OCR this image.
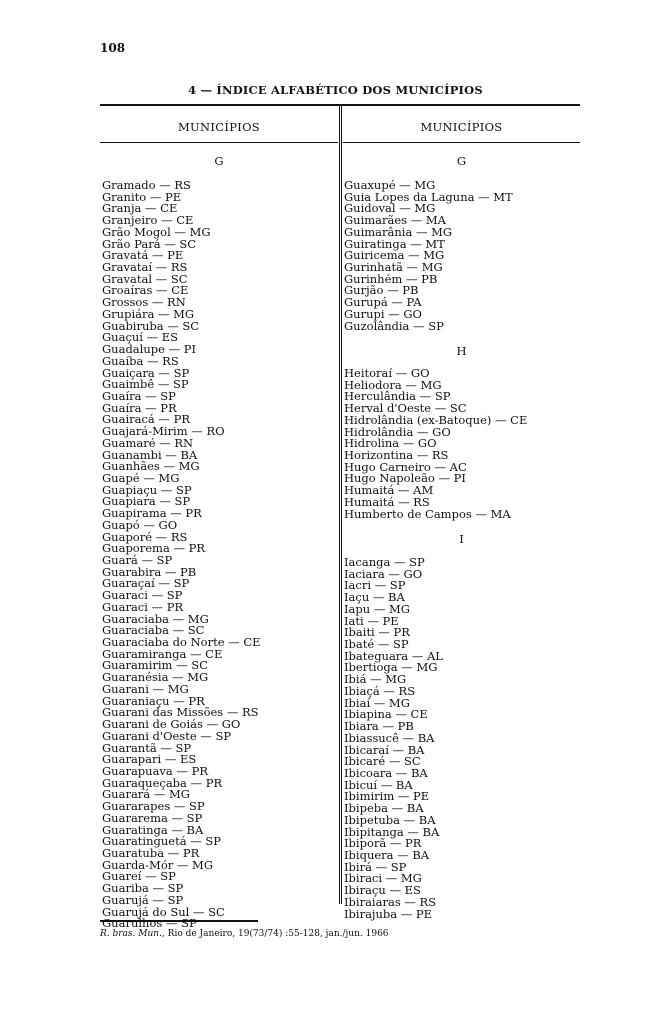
108
4 — ÍNDICE ALFABÉTICO DOS MUNICÍPIOS
MUNICÍPIOS	MUNICÍPIOS
G
Gramado — RS
Granito — PE
Granja — CE
Granjeiro — CE
Grão Mogol — MG
Grão Pará — SC
Gravatá — PE
Gravataí — RS
Gravatal — SC
Groaíras — CE
Grossos — RN
Grupiára — MG
Guabiruba — SC
Guaçuí — ES
Guadalupe — PI
Guaíba — RS
Guaiçara — SP
Guaimbê — SP
Guaíra — SP
Guaíra — PR
Guairacá — PR
Guajará-Mirim — RO
Guamaré — RN
Guanambi — BA
Guanhães — MG
Guapé — MG
Guapiaçu — SP
Guapiara — SP
Guapirama — PR
Guapó — GO
Guaporé — RS
Guaporema — PR
Guará — SP
Guarabira — PB
Guaraçaí — SP
Guaraci — SP
Guaraci — PR
Guaraciaba — MG
Guaraciaba — SC
Guaraciaba do Norte — CE
Guaramiranga — CE
Guaramirim — SC
Guaranésia — MG
Guarani — MG
Guaraniaçu — PR
Guarani das Missões — RS
Guarani de Goiás — GO
Guarani d'Oeste — SP
Guarantã — SP
Guarapari — ES
Guarapuava — PR
Guaraqueçaba — PR
Guarará — MG
Guararapes — SP
Guararema — SP
Guaratinga — BA
Guaratinguetá — SP
Guaratuba — PR
Guarda-Mór — MG
Guareí — SP
Guariba — SP
Guarujá — SP
Guarujá do Sul — SC
Guarulhos — SP
G
Guaxupé — MG
Guia Lopes da Laguna — MT
Guidoval — MG
Guimarães — MA
Guimarânia — MG
Guiratinga — MT
Guiricema — MG
Gurinhatã — MG
Gurinhém — PB
Gurjão — PB
Gurupá — PA
Gurupi — GO
Guzolândia — SP
H
Heitoraí — GO
Heliodora — MG
Herculândia — SP
Herval d'Oeste — SC
Hidrolândia (ex-Batoque) — CE
Hidrolândia — GO
Hidrolina — GO
Horizontina — RS
Hugo Carneiro — AC
Hugo Napoleão — PI
Humaitá — AM
Humaitá — RS
Humberto de Campos — MA
I
Iacanga — SP
Iaciara — GO
Iacri — SP
Iaçu — BA
Iapu — MG
Iati — PE
Ibaiti — PR
Ibaté — SP
Ibateguara — AL
Ibertioga — MG
Ibiá — MG
Ibiaçá — RS
Ibiaí — MG
Ibiapina — CE
Ibiara — PB
Ibiassucê — BA
Ibicaraí — BA
Ibicaré — SC
Ibicoara — BA
Ibicuí — BA
Ibimirim — PE
Ibipeba — BA
Ibipetuba — BA
Ibipitanga — BA
Ibiporã — PR
Ibiquera — BA
Ibirá — SP
Ibiraci — MG
Ibiraçu — ES
Ibiraiaras — RS
Ibirajuba — PE
R. bras. Mun., Rio de Janeiro, 19(73/74) :55-128, jan./jun. 1966
